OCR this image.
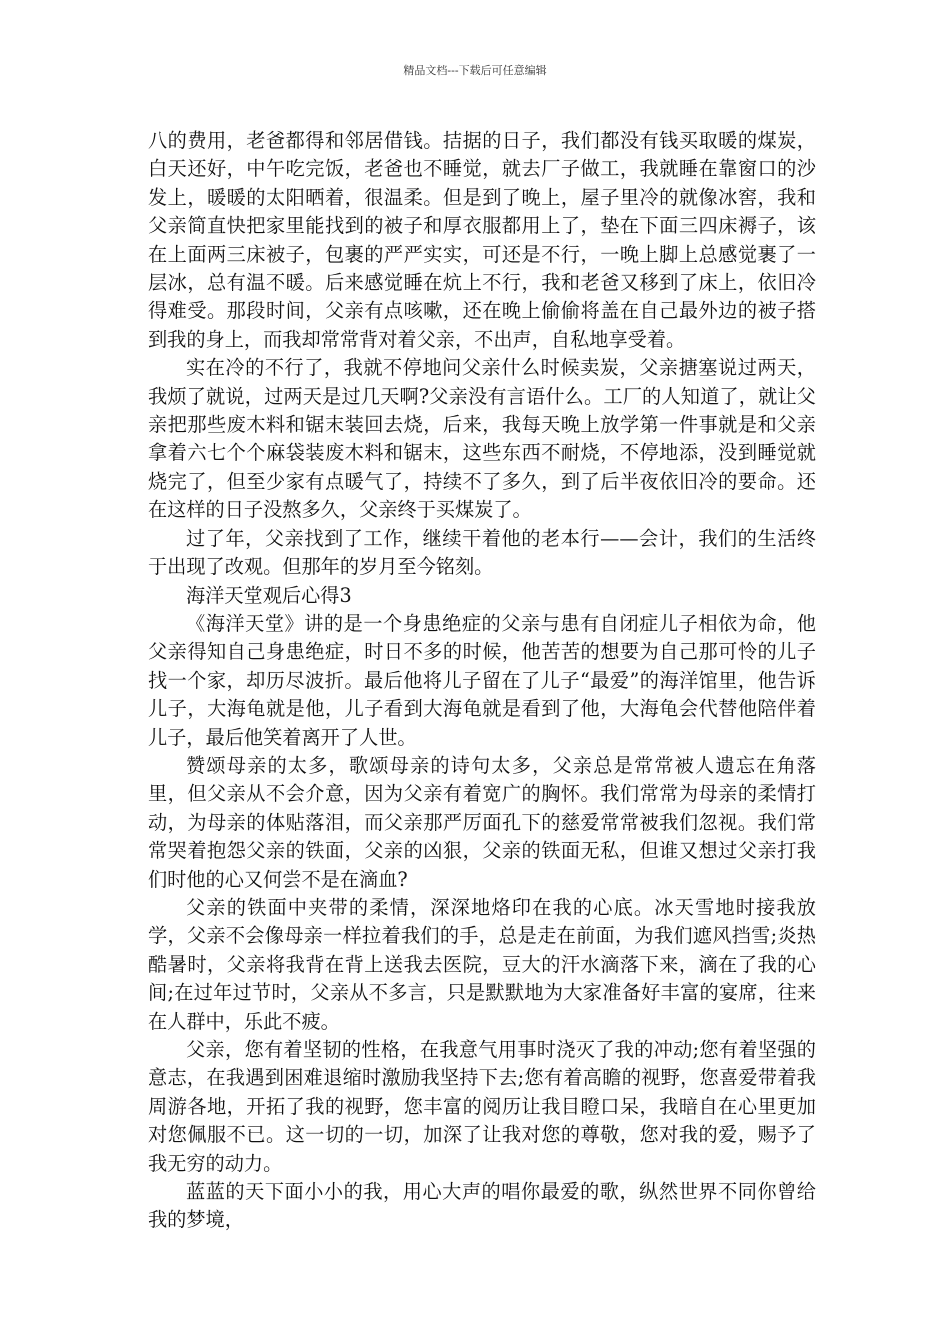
精品文档---下载后可任意编辑

八的费用，老爸都得和邻居借钱。拮据的日子，我们都没有钱买取暖的煤炭，白天还好，中午吃完饭，老爸也不睡觉，就去厂子做工，我就睡在靠窗口的沙发上，暖暖的太阳晒着，很温柔。但是到了晚上，屋子里冷的就像冰窖，我和父亲简直快把家里能找到的被子和厚衣服都用上了，垫在下面三四床褥子，该在上面两三床被子，包裹的严严实实，可还是不行，一晚上脚上总感觉裹了一层冰，总有温不暖。后来感觉睡在炕上不行，我和老爸又移到了床上，依旧冷得难受。那段时间，父亲有点咳嗽，还在晚上偷偷将盖在自己最外边的被子搭到我的身上，而我却常常背对着父亲，不出声，自私地享受着。

实在冷的不行了，我就不停地问父亲什么时候卖炭，父亲搪塞说过两天，我烦了就说，过两天是过几天啊?父亲没有言语什么。工厂的人知道了，就让父亲把那些废木料和锯末装回去烧，后来，我每天晚上放学第一件事就是和父亲拿着六七个个麻袋装废木料和锯末，这些东西不耐烧，不停地添，没到睡觉就烧完了，但至少家有点暖气了，持续不了多久，到了后半夜依旧冷的要命。还在这样的日子没熬多久，父亲终于买煤炭了。

过了年，父亲找到了工作，继续干着他的老本行——会计，我们的生活终于出现了改观。但那年的岁月至今铭刻。

海洋天堂观后心得3

《海洋天堂》讲的是一个身患绝症的父亲与患有自闭症儿子相依为命，他父亲得知自己身患绝症，时日不多的时候，他苦苦的想要为自己那可怜的儿子找一个家，却历尽波折。最后他将儿子留在了儿子“最爱”的海洋馆里，他告诉儿子，大海龟就是他，儿子看到大海龟就是看到了他，大海龟会代替他陪伴着儿子，最后他笑着离开了人世。

赞颂母亲的太多，歌颂母亲的诗句太多，父亲总是常常被人遗忘在角落里，但父亲从不会介意，因为父亲有着宽广的胸怀。我们常常为母亲的柔情打动，为母亲的体贴落泪，而父亲那严厉面孔下的慈爱常常被我们忽视。我们常常哭着抱怨父亲的铁面，父亲的凶狠，父亲的铁面无私，但谁又想过父亲打我们时他的心又何尝不是在滴血?

父亲的铁面中夹带的柔情，深深地烙印在我的心底。冰天雪地时接我放学，父亲不会像母亲一样拉着我们的手，总是走在前面，为我们遮风挡雪;炎热酷暑时，父亲将我背在背上送我去医院，豆大的汗水滴落下来，滴在了我的心间;在过年过节时，父亲从不多言，只是默默地为大家准备好丰富的宴席，往来在人群中，乐此不疲。

父亲，您有着坚韧的性格，在我意气用事时浇灭了我的冲动;您有着坚强的意志，在我遇到困难退缩时激励我坚持下去;您有着高瞻的视野，您喜爱带着我周游各地，开拓了我的视野，您丰富的阅历让我目瞪口呆，我暗自在心里更加对您佩服不已。这一切的一切，加深了让我对您的尊敬，您对我的爱，赐予了我无穷的动力。

蓝蓝的天下面小小的我，用心大声的唱你最爱的歌，纵然世界不同你曾给我的梦境，
